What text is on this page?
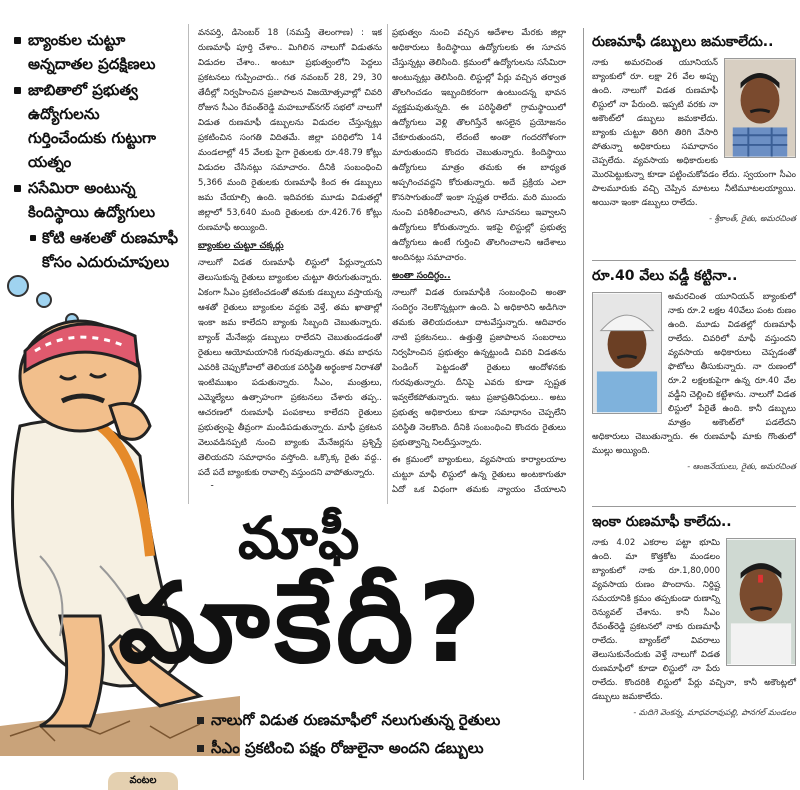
బ్యాంకుల చుట్టూ అన్నదాతల ప్రదక్షిణలు
జాబితాలో ప్రభుత్వ ఉద్యోగులను గుర్తించేందుకు గుట్టుగా యత్నం
ససేమిరా అంటున్న కిందిస్థాయి ఉద్యోగులు
కోటి ఆశలతో రుణమాఫీ కోసం ఎదురుచూపులు

వనపర్తి, డిసెంబర్ 18 (నమస్తే తెలంగాణ) : ఇక రుణమాఫీ పూర్తి చేశాం.. మిగిలిన నాలుగో విడుతను విడుదల చేశాం.. అంటూ ప్రభుత్వంలోని పెద్దలు ప్రకటనలు గుప్పించారు.. గత నవంబర్ 28, 29, 30 తేదీల్లో నిర్వహించిన ప్రజాపాలన విజయోత్సవాల్లో చివరి రోజున సీఎం రేవంత్‌రెడ్డి మహబూబ్‌నగర్ సభలో నాలుగో విడుత రుణమాఫీ డబ్బులను విడుదల చేస్తున్నట్లు ప్రకటించిన సంగతి విదితమే. జిల్లా పరిధిలోని 14 మండలాల్లో 45 వేలకు పైగా రైతులకు రూ.48.79 కోట్లు విడుదల చేసినట్లు సమాచారం. దీనికి సంబంధించి 5,366 మంది రైతులకు రుణమాఫీ కింద ఈ డబ్బులు జమ చేయాల్సి ఉంది. ఇదివరకు మూడు విడుతల్లో జిల్లాలో 53,640 మంది రైతులకు రూ.426.76 కోట్లు రుణమాఫీ అయ్యింది.

బ్యాంకుల చుట్టూ చక్కర్లు

నాలుగో విడత రుణమాఫీ లిస్టులో పేర్లున్నాయని తెలుసుకున్న రైతులు బ్యాంకుల చుట్టూ తిరుగుతున్నారు. ఏకంగా సీఎం ప్రకటించడంతో తమకు డబ్బులు వస్తాయన్న ఆశతో రైతులు బ్యాంకుల వద్దకు వెళ్తే, తమ ఖాతాల్లో ఇంకా జమ కాలేదని బ్యాంకు సిబ్బంది చెబుతున్నారు. బ్యాంక్ మేనేజర్లు డబ్బులు రాలేదని చెబుతుండడంతో రైతులు ఆయోమయానికి గురవుతున్నారు. తమ బాధను ఎవరికి చెప్పుకోవాలో తెలియక పరిస్థితి అర్థంకాక నిరాశతో ఇంటిముఖం పడుతున్నారు. సీఎం, మంత్రులు, ఎమ్మెల్యేలు ఉత్సాహంగా ప్రకటనలు చేశారు తప్ప.. ఆచరణలో రుణమాఫీ పంపకాలు కాలేదని రైతులు ప్రభుత్వంపై తీవ్రంగా మండిపడుతున్నారు. మాఫీ ప్రకటన వెలువడినప్పటి నుంచి బ్యాంకు మేనేజర్లను ప్రశ్నిస్తే తెలియదని సమాధానం వస్తోంది. ఒక్కొక్క రైతు వద్ద.. పదే పదే బ్యాంకుకు రావాల్సి వస్తుందని వాపోతున్నారు.

ప్రభుత్వం నుంచి వచ్చిన ఆదేశాల మేరకు జిల్లా అధికారులు కిందిస్థాయి ఉద్యోగులకు ఈ సూచన చేస్తున్నట్లు తెలిసింది. క్రమంలో ఉద్యోగులను ససేమిరా అంటున్నట్లు తెలిసింది. లిస్టుల్లో పేర్లు వచ్చిన తర్వాత తొలగించడం ఇబ్బందికరంగా ఉంటుందన్న భావన వ్యక్తమవుతున్నది. ఈ పరిస్థితిలో గ్రామస్థాయిలో ఉద్యోగులు వెళ్లి తొలగిస్తేనే అసలైన ప్రయోజనం చేకూరుతుందని, లేదంటే అంతా గందరగోళంగా మారుతుందని కొందరు చెబుతున్నారు. కిందిస్థాయి ఉద్యోగులు మాత్రం తమకు ఈ బాధ్యత అప్పగించవద్దని కోరుతున్నారు. అదే ప్రక్రియ ఎలా కొనసాగుతుందో ఇంకా స్పష్టత రాలేదు. మరి ముందు నుంచి పరిశీలించాలని, తగిన సూచనలు ఇవ్వాలని ఉద్యోగులు కోరుతున్నారు. ఇకపై లిస్టుల్లో ప్రభుత్వ ఉద్యోగులు ఉంటే గుర్తించి తొలగించాలని ఆదేశాలు అందినట్లు సమాచారం.

అంతా సందిగ్ధం..

నాలుగో విడత రుణమాఫీకి సంబంధించి అంతా సందిగ్ధం నెలకొన్నట్లుగా ఉంది. ఏ అధికారిని అడిగినా తమకు తెలియదంటూ దాటవేస్తున్నారు. ఆదివారం నాటి ప్రకటనలు.. ఉత్తుత్తి ప్రజాపాలన సంబరాలు నిర్వహించిన ప్రభుత్వం ఉన్నట్టుండి చివరి విడతను పెండింగ్ పెట్టడంతో రైతులు ఆందోళనకు గురవుతున్నారు. దీనిపై ఎవరు కూడా స్పష్టత ఇవ్వలేకపోతున్నారు. ఇటు ప్రజాప్రతినిధులు.. అటు ప్రభుత్వ అధికారులు కూడా సమాధానం చెప్పలేని పరిస్థితి నెలకొంది. దీనికి సంబంధించి కొందరు రైతులు ప్రభుత్వాన్ని నిలదీస్తున్నారు.

ఈ క్రమంలో బ్యాంకులు, వ్యవసాయ కార్యాలయాల చుట్టూ మాఫీ లిస్టులో ఉన్న రైతులు అంటకాగుతూ ఏదో ఒక విధంగా తమకు న్యాయం చేయాలని

మాఫీ
మాకేదీ?
నాలుగో విడుత రుణమాఫీలో నలుగుతున్న రైతులు
సీఎం ప్రకటించి పక్షం రోజులైనా అందని డబ్బులు
వంటల
రుణమాఫీ డబ్బులు జమకాలేదు..
నాకు అమరచింత యూనియన్ బ్యాంకులో రూ. లక్షా 26 వేల అప్పు ఉంది. నాలుగో విడత రుణమాఫీ లిస్టులో నా పేరుంది. ఇప్పటి వరకు నా అకౌంట్‌లో డబ్బులు జమకాలేదు. బ్యాంకు చుట్టూ తిరిగి తిరిగి వేసారి పోతున్నా అధికారులు సమాధానం చెప్పలేదు. వ్యవసాయ అధికారులకు మొరపెట్టుకున్నా కూడా పట్టించుకోవడం లేదు. స్వయంగా సీఎం పాలమూరుకు వచ్చి చెప్పిన మాటలు నీటిమూటలయ్యాయి. అయినా ఇంకా డబ్బులు రాలేదు.
- శ్రీకాంత్, రైతు, అమరచింత
రూ.40 వేలు వడ్డీ కట్టినా..
అమరచింత యూనియన్ బ్యాంకులో నాకు రూ.2 లక్షల 40వేలు పంట రుణం ఉంది. మూడు విడతల్లో రుణమాఫీ రాలేదు. చివరిలో మాఫీ వస్తుందని వ్యవసాయ అధికారులు చెప్పడంతో ఫొటోలు తీసుకున్నారు. నా రుణంలో రూ.2 లక్షలకుపైగా ఉన్న రూ.40 వేల వడ్డీని చెల్లించి కట్టేశాను. నాలుగో విడత లిస్టులో పేరైతే ఉంది. కానీ డబ్బులు మాత్రం అకౌంట్‌లో పడలేదని అధికారులు చెబుతున్నారు. ఈ రుణమాఫీ మాకు గొంతులో ముల్లు అయ్యింది.
- ఆంజనేయులు, రైతు, అమరచింత
ఇంకా రుణమాఫీ కాలేదు..
నాకు 4.02 ఎకరాల పట్టా భూమి ఉంది. మా కొత్తకోట మండలం బ్యాంకులో నాకు రూ.1,80,000 వ్యవసాయ రుణం పొందాను. నిర్దిష్ట సమయానికి క్రమం తప్పకుండా రుణాన్ని రెన్యువల్ చేశాను. కానీ సీఎం రేవంత్‌రెడ్డి ప్రకటనలో నాకు రుణమాఫీ రాలేదు. బ్యాంక్‌లో వివరాలు తెలుసుకునేందుకు వెళ్తే నాలుగో విడత రుణమాఫీలో కూడా లిస్టులో నా పేరు రాలేదు. కొందరికి లిస్టులో పేర్లు వచ్చినా, కానీ అకౌంట్లలో డబ్బులు జమకాలేదు.
- మదిగె వెంకన్న, మాధవరావుపల్లి, పానగల్ మండలం
